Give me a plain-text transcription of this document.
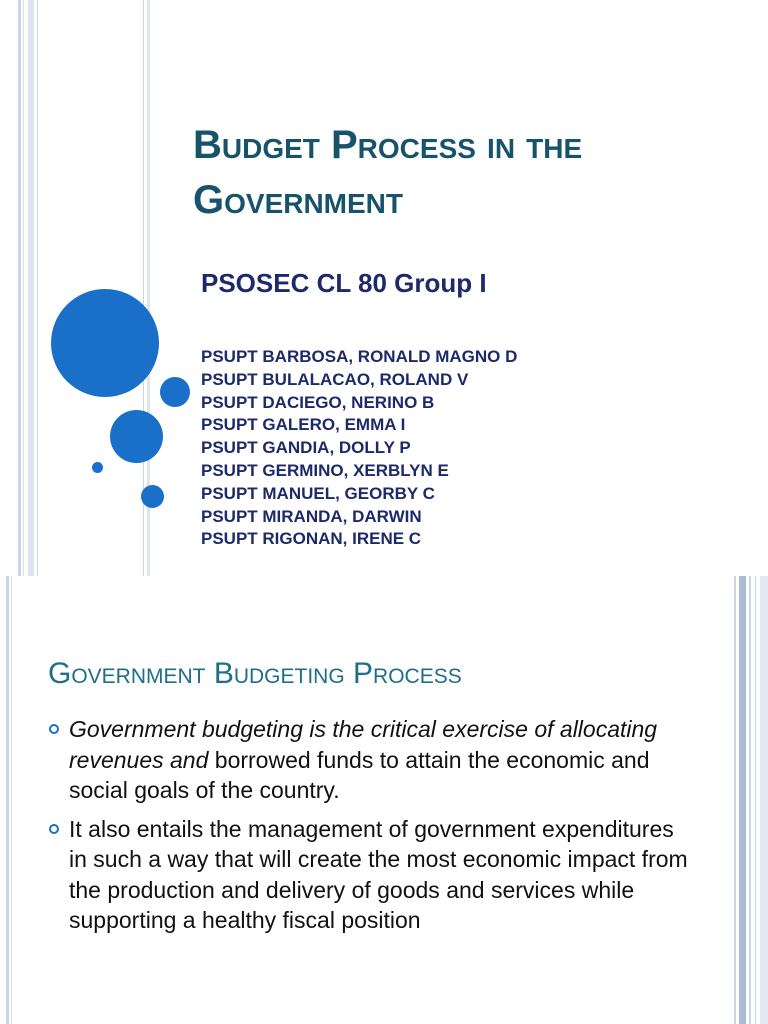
Budget Process in the Government
PSOSEC CL 80 Group I
PSUPT BARBOSA, RONALD MAGNO D
PSUPT BULALACAO, ROLAND V
PSUPT DACIEGO, NERINO B
PSUPT GALERO, EMMA I
PSUPT GANDIA, DOLLY P
PSUPT GERMINO, XERBLYN E
PSUPT MANUEL, GEORBY C
PSUPT MIRANDA, DARWIN
PSUPT RIGONAN, IRENE C
Government Budgeting Process
Government budgeting is the critical exercise of allocating revenues and borrowed funds to attain the economic and social goals of the country.
It also entails the management of government expenditures in such a way that will create the most economic impact from the production and delivery of goods and services while supporting a healthy fiscal position
